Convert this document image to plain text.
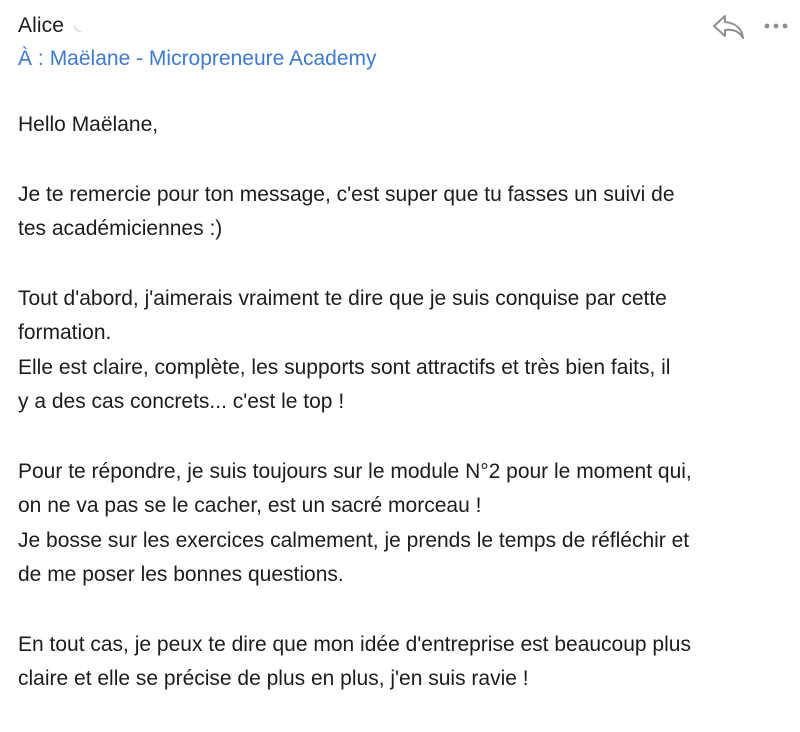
Alice ◟
À : Maëlane - Micropreneure Academy

Hello Maëlane,

Je te remercie pour ton message, c'est super que tu fasses un suivi de
tes académiciennes :)

Tout d'abord, j'aimerais vraiment te dire que je suis conquise par cette
formation.
Elle est claire, complète, les supports sont attractifs et très bien faits, il
y a des cas concrets... c'est le top !

Pour te répondre, je suis toujours sur le module N°2 pour le moment qui,
on ne va pas se le cacher, est un sacré morceau !
Je bosse sur les exercices calmement, je prends le temps de réfléchir et
de me poser les bonnes questions.

En tout cas, je peux te dire que mon idée d'entreprise est beaucoup plus
claire et elle se précise de plus en plus, j'en suis ravie !
